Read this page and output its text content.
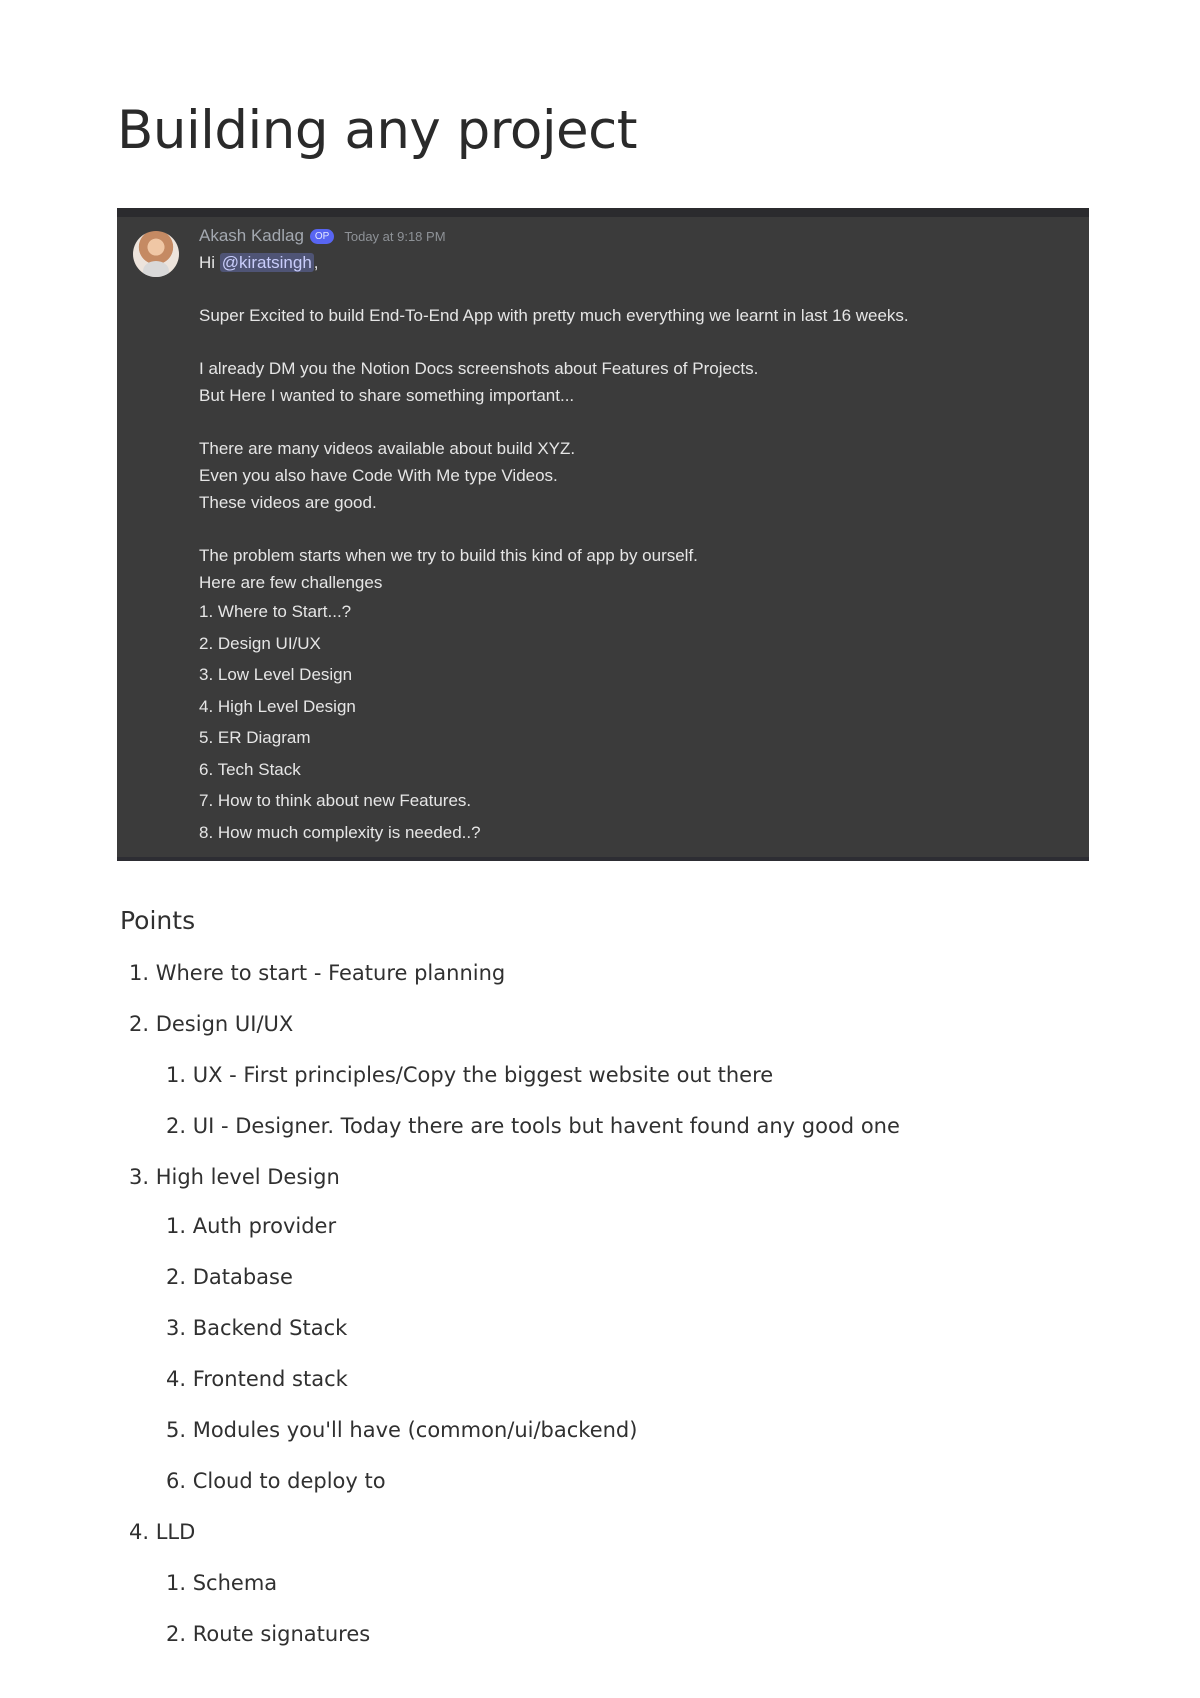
Building any project
Akash Kadlag	OP	Today at 9:18 PM
Hi @kiratsingh ,
Super Excited to build End-To-End App with pretty much everything we learnt in last 16 weeks.
I already DM you the Notion Docs screenshots about Features of Projects.
But Here I wanted to share something important...
There are many videos available about build XYZ.
Even you also have Code With Me type Videos.
These videos are good.
The problem starts when we try to build this kind of app by ourself.
Here are few challenges
1. Where to Start...?
2. Design UI/UX
3. Low Level Design
4. High Level Design
5. ER Diagram
6. Tech Stack
7. How to think about new Features.
8. How much complexity is needed..?
Points
1. Where to start - Feature planning
2. Design UI/UX
1. UX - First principles/Copy the biggest website out there
2. UI - Designer. Today there are tools but havent found any good one
3. High level Design
1. Auth provider
2. Database
3. Backend Stack
4. Frontend stack
5. Modules you'll have (common/ui/backend)
6. Cloud to deploy to
4. LLD
1. Schema
2. Route signatures
